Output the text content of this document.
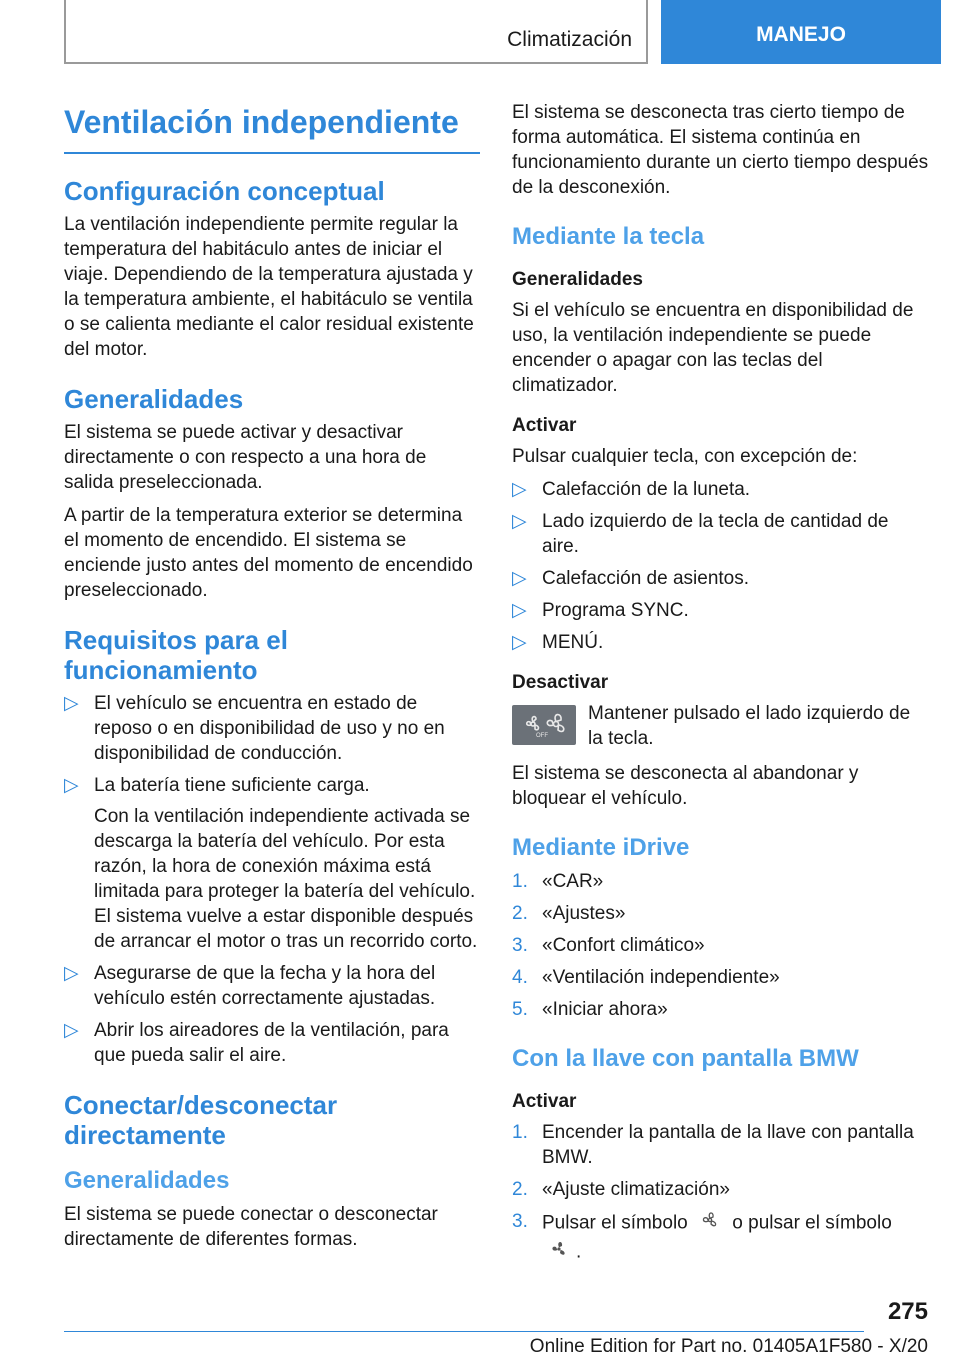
Climatización	MANEJO
Ventilación independiente
Configuración conceptual

La ventilación independiente permite regular la temperatura del habitáculo antes de iniciar el viaje. Dependiendo de la temperatura ajustada y la temperatura ambiente, el habitáculo se ventila o se calienta mediante el calor residual existente del motor.

Generalidades

El sistema se puede activar y desactivar directamente o con respecto a una hora de salida preseleccionada.

A partir de la temperatura exterior se determina el momento de encendido. El sistema se enciende justo antes del momento de encendido preseleccionado.

Requisitos para el funcionamiento
▷ El vehículo se encuentra en estado de reposo o en disponibilidad de uso y no en disponibilidad de conducción.
▷ La batería tiene suficiente carga.

Con la ventilación independiente activada se descarga la batería del vehículo. Por esta razón, la hora de conexión máxima está limitada para proteger la batería del vehículo. El sistema vuelve a estar disponible después de arrancar el motor o tras un recorrido corto.

▷ Asegurarse de que la fecha y la hora del vehículo estén correctamente ajustadas.
▷ Abrir los aireadores de la ventilación, para que pueda salir el aire.
Conectar/desconectar directamente
Generalidades

El sistema se puede conectar o desconectar directamente de diferentes formas.

El sistema se desconecta tras cierto tiempo de forma automática. El sistema continúa en funcionamiento durante un cierto tiempo después de la desconexión.

Mediante la tecla
Generalidades

Si el vehículo se encuentra en disponibilidad de uso, la ventilación independiente se puede encender o apagar con las teclas del climatizador.

Activar

Pulsar cualquier tecla, con excepción de:

▷ Calefacción de la luneta.
▷ Lado izquierdo de la tecla de cantidad de aire.
▷ Calefacción de asientos.
▷ Programa SYNC.
▷ MENÚ.
Desactivar
OFF

Mantener pulsado el lado izquierdo de la tecla.

El sistema se desconecta al abandonar y bloquear el vehículo.

Mediante iDrive
1. «CAR»
2. «Ajustes»
3. «Confort climático»
4. «Ventilación independiente»
5. «Iniciar ahora»
Con la llave con pantalla BMW
Activar
1. Encender la pantalla de la llave con pantalla BMW.
2. «Ajuste climatización»
3. Pulsar el símbolo o pulsar el símbolo .
275
Online Edition for Part no. 01405A1F580 - X/20
